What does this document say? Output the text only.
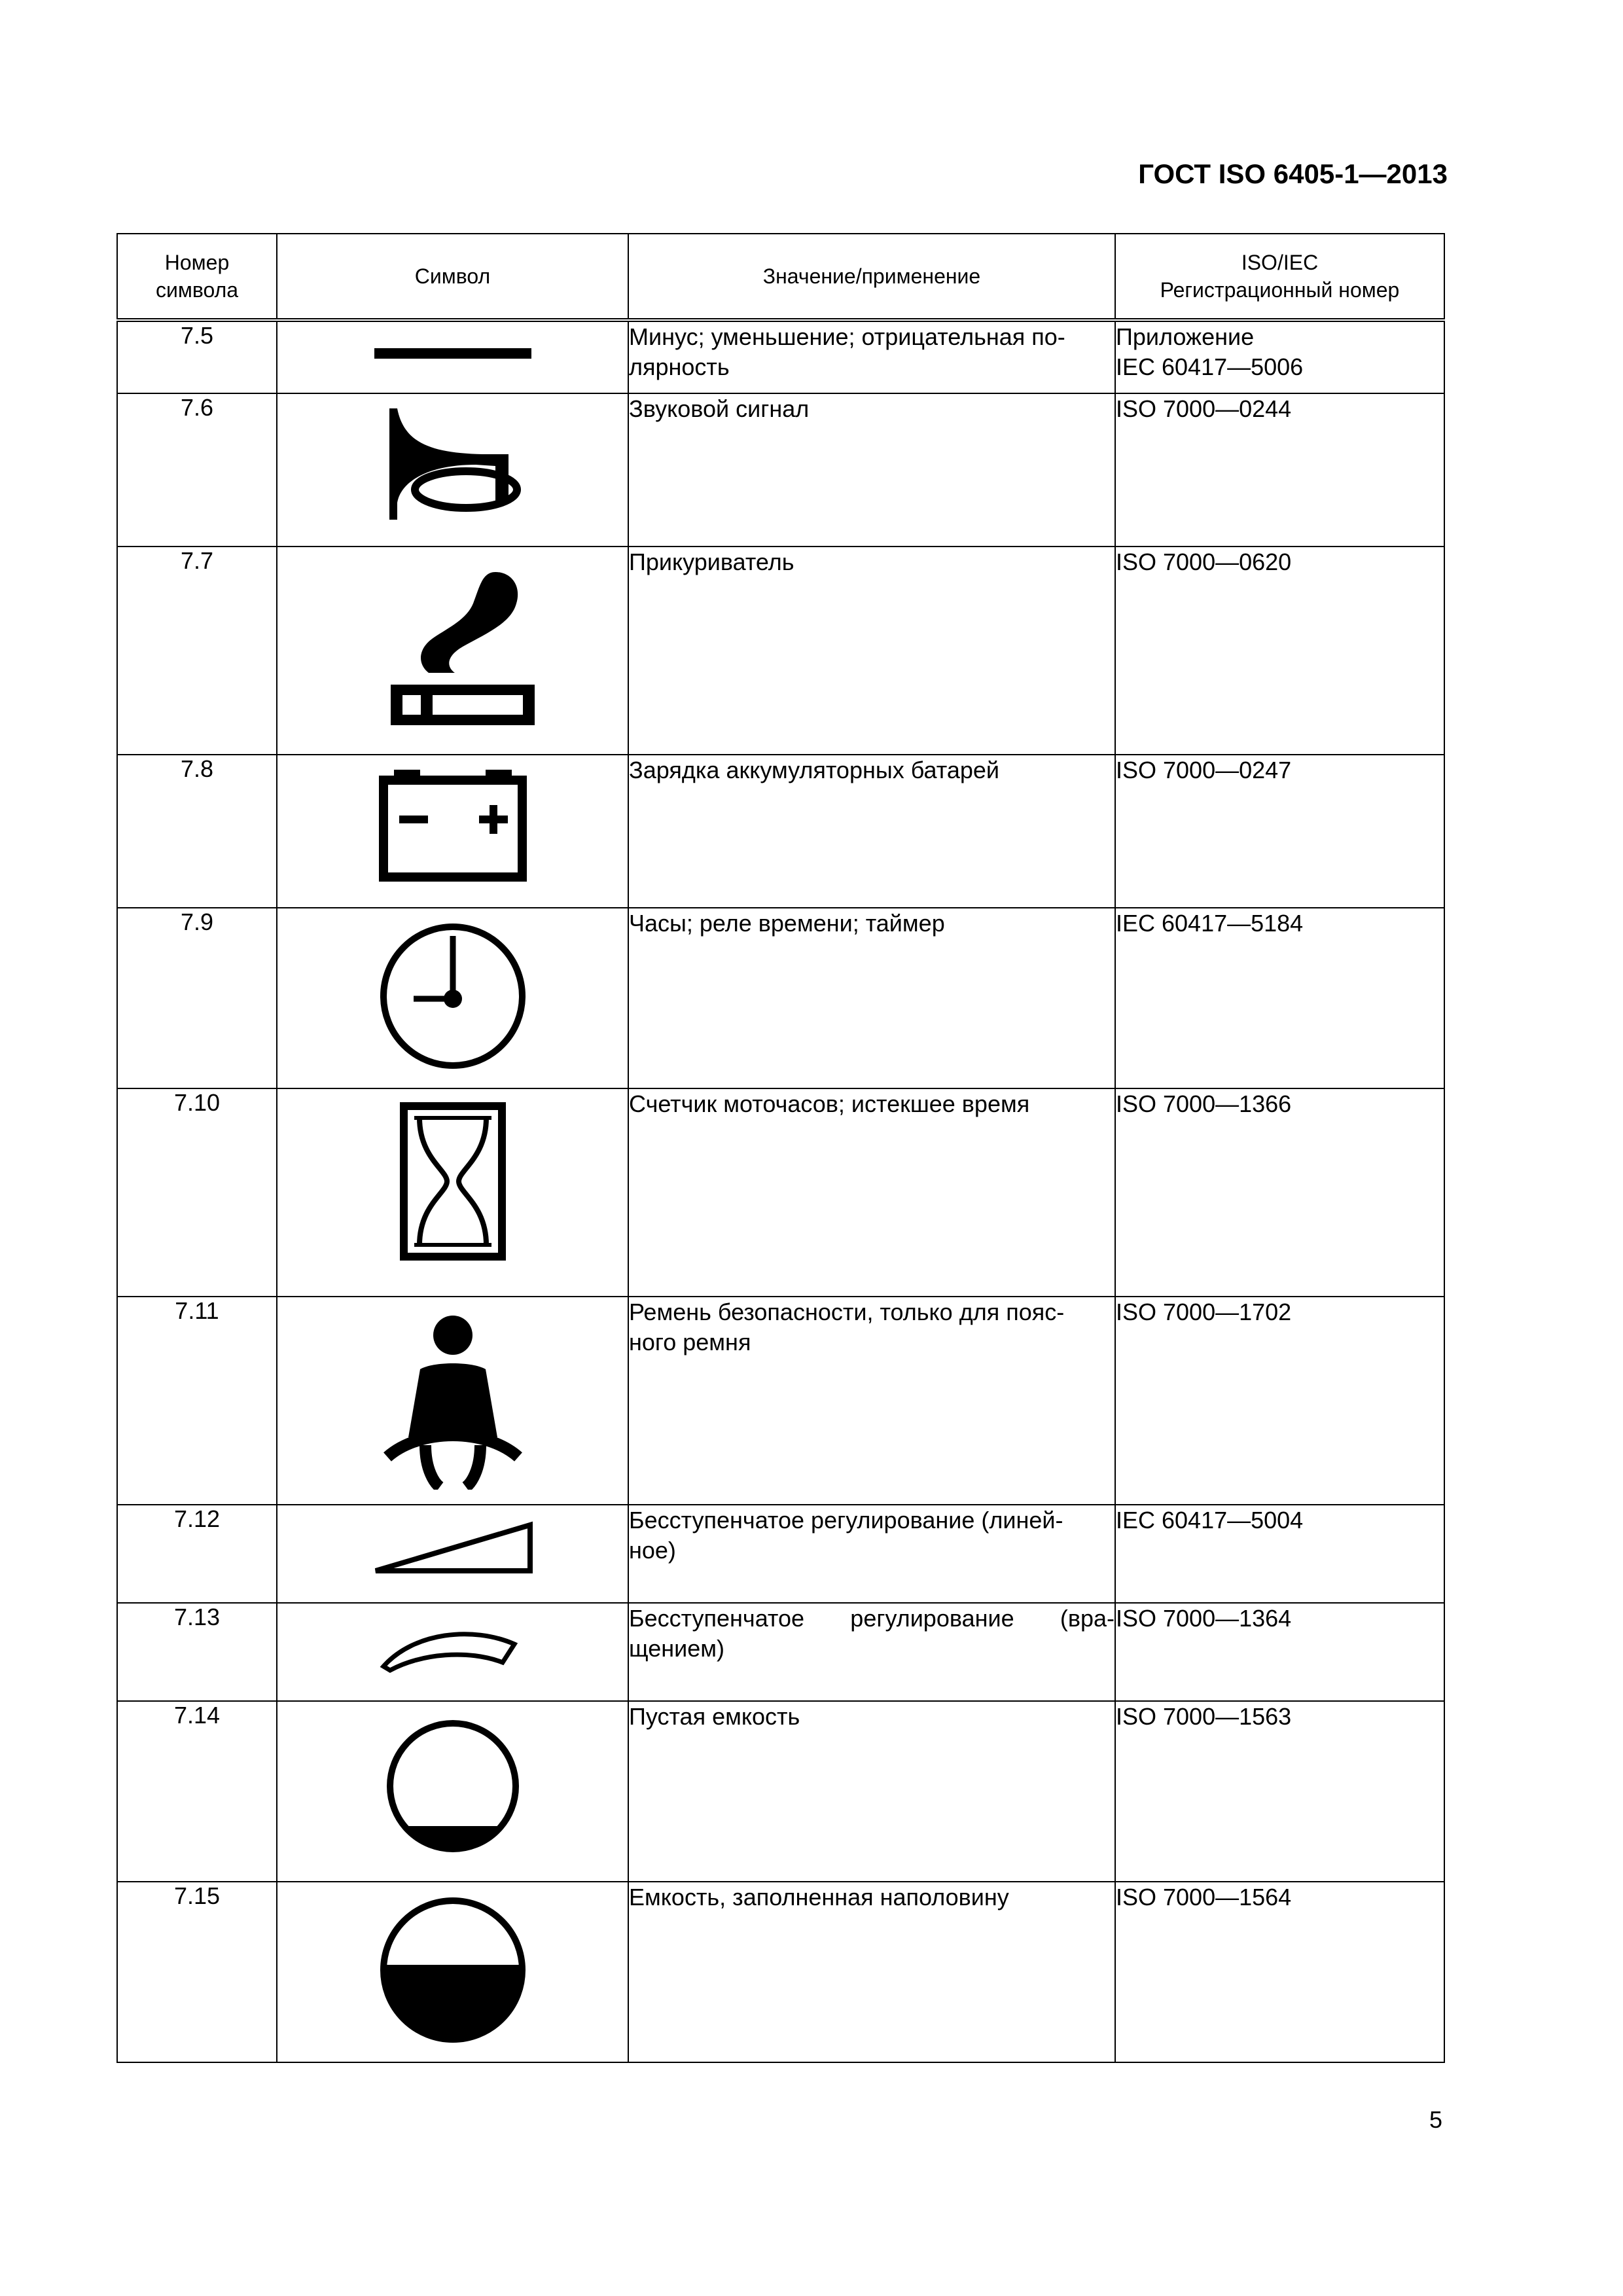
ГОСТ ISO 6405-1—2013
Номер
символа	Символ	Значение/применение	ISO/IEC
Регистрационный номер

7.5		Минус; уменьшение; отрицательная по-
лярность	Приложение
IEC 60417—5006

7.6		Звуковой сигнал	ISO 7000—0244

7.7		Прикуриватель	ISO 7000—0620

7.8		Зарядка аккумуляторных батарей	ISO 7000—0247

7.9		Часы; реле времени; таймер	IEC 60417—5184

7.10		Счетчик моточасов; истекшее время	ISO 7000—1366

7.11		Ремень безопасности, только для пояс-
ного ремня	ISO 7000—1702

7.12		Бесступенчатое регулирование (линей-
ное)	IEC 60417—5004

7.13		Бесступенчатое регулирование (вра-
щением)	ISO 7000—1364

7.14		Пустая емкость	ISO 7000—1563

7.15		Емкость, заполненная наполовину	ISO 7000—1564
5
